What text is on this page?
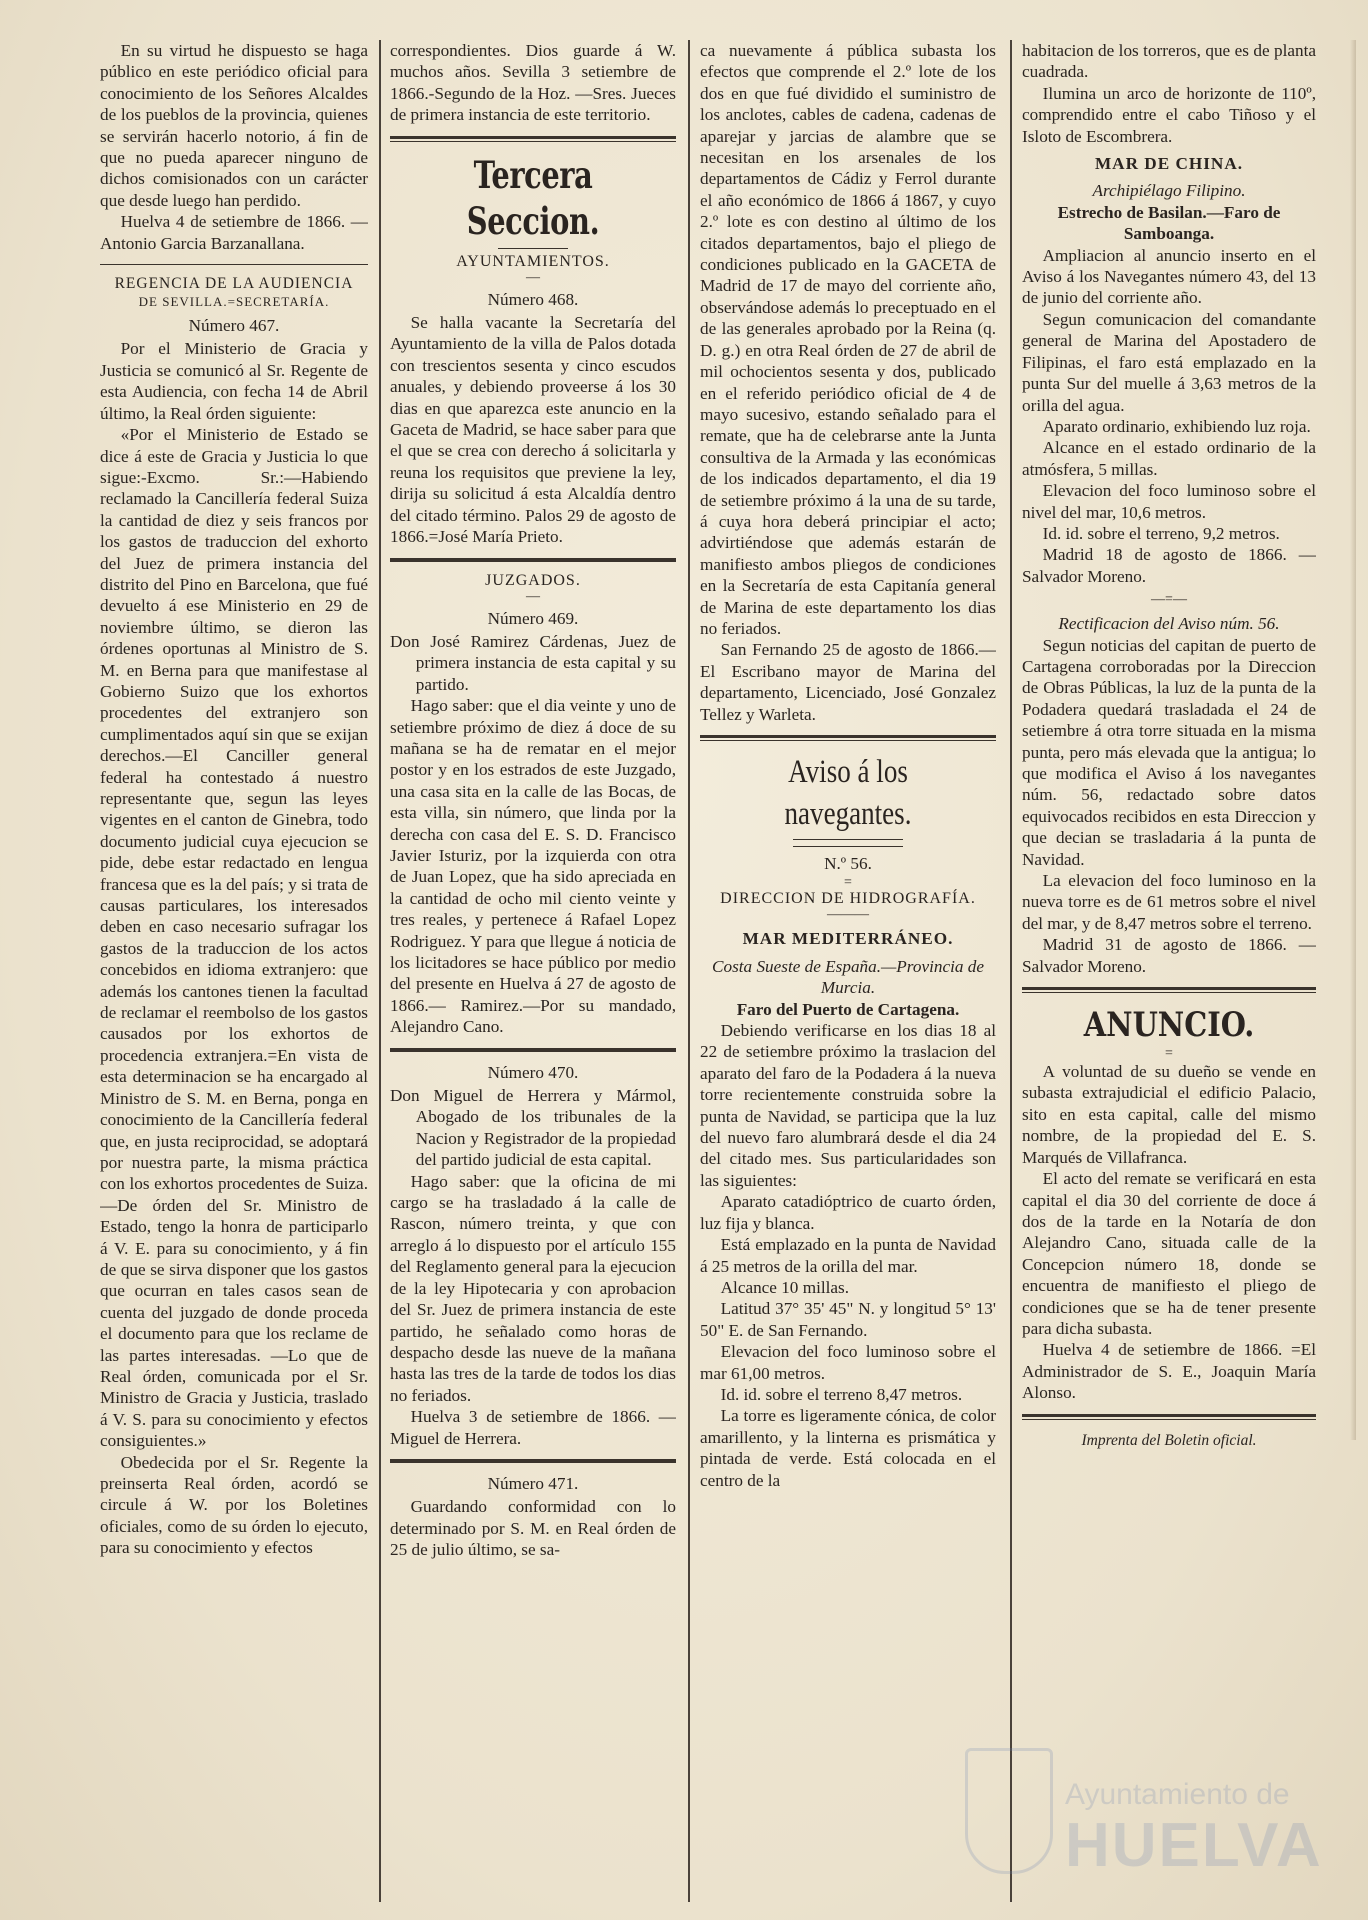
En su virtud he dispuesto se haga público en este periódico oficial para conocimiento de los Señores Alcaldes de los pueblos de la provincia, quienes se servirán hacerlo notorio, á fin de que no pueda aparecer ninguno de dichos comisionados con un carácter que desde luego han perdido.

Huelva 4 de setiembre de 1866. —Antonio Garcia Barzanallana.

REGENCIA DE LA AUDIENCIA
DE SEVILLA.=SECRETARÍA.
Número 467.

Por el Ministerio de Gracia y Justicia se comunicó al Sr. Regente de esta Audiencia, con fecha 14 de Abril último, la Real órden siguiente:

«Por el Ministerio de Estado se dice á este de Gracia y Justicia lo que sigue:-Excmo. Sr.:—Habiendo reclamado la Cancillería federal Suiza la cantidad de diez y seis francos por los gastos de traduccion del exhorto del Juez de primera instancia del distrito del Pino en Barcelona, que fué devuelto á ese Ministerio en 29 de noviembre último, se dieron las órdenes oportunas al Ministro de S. M. en Berna para que manifestase al Gobierno Suizo que los exhortos procedentes del extranjero son cumplimentados aquí sin que se exijan derechos.—El Canciller general federal ha contestado á nuestro representante que, segun las leyes vigentes en el canton de Ginebra, todo documento judicial cuya ejecucion se pide, debe estar redactado en lengua francesa que es la del país; y si trata de causas particulares, los interesados deben en caso necesario sufragar los gastos de la traduccion de los actos concebidos en idioma extranjero: que además los cantones tienen la facultad de reclamar el reembolso de los gastos causados por los exhortos de procedencia extranjera.=En vista de esta determinacion se ha encargado al Ministro de S. M. en Berna, ponga en conocimiento de la Cancillería federal que, en justa reciprocidad, se adoptará por nuestra parte, la misma práctica con los exhortos procedentes de Suiza.—De órden del Sr. Ministro de Estado, tengo la honra de participarlo á V. E. para su conocimiento, y á fin de que se sirva disponer que los gastos que ocurran en tales casos sean de cuenta del juzgado de donde proceda el documento para que los reclame de las partes interesadas. —Lo que de Real órden, comunicada por el Sr. Ministro de Gracia y Justicia, traslado á V. S. para su conocimiento y efectos consiguientes.»

Obedecida por el Sr. Regente la preinserta Real órden, acordó se circule á W. por los Boletines oficiales, como de su órden lo ejecuto, para su conocimiento y efectos

correspondientes. Dios guarde á W. muchos años. Sevilla 3 setiembre de 1866.-Segundo de la Hoz. —Sres. Jueces de primera instancia de este territorio.

Tercera Seccion.
AYUNTAMIENTOS.
—
Número 468.

Se halla vacante la Secretaría del Ayuntamiento de la villa de Palos dotada con trescientos sesenta y cinco escudos anuales, y debiendo proveerse á los 30 dias en que aparezca este anuncio en la Gaceta de Madrid, se hace saber para que el que se crea con derecho á solicitarla y reuna los requisitos que previene la ley, dirija su solicitud á esta Alcaldía dentro del citado término. Palos 29 de agosto de 1866.=José María Prieto.

JUZGADOS.
—
Número 469.

Don José Ramirez Cárdenas, Juez de primera instancia de esta capital y su partido.

Hago saber: que el dia veinte y uno de setiembre próximo de diez á doce de su mañana se ha de rematar en el mejor postor y en los estrados de este Juzgado, una casa sita en la calle de las Bocas, de esta villa, sin número, que linda por la derecha con casa del E. S. D. Francisco Javier Isturiz, por la izquierda con otra de Juan Lopez, que ha sido apreciada en la cantidad de ocho mil ciento veinte y tres reales, y pertenece á Rafael Lopez Rodriguez. Y para que llegue á noticia de los licitadores se hace público por medio del presente en Huelva á 27 de agosto de 1866.— Ramirez.—Por su mandado, Alejandro Cano.

Número 470.

Don Miguel de Herrera y Mármol, Abogado de los tribunales de la Nacion y Registrador de la propiedad del partido judicial de esta capital.

Hago saber: que la oficina de mi cargo se ha trasladado á la calle de Rascon, número treinta, y que con arreglo á lo dispuesto por el artículo 155 del Reglamento general para la ejecucion de la ley Hipotecaria y con aprobacion del Sr. Juez de primera instancia de este partido, he señalado como horas de despacho desde las nueve de la mañana hasta las tres de la tarde de todos los dias no feriados.

Huelva 3 de setiembre de 1866. —Miguel de Herrera.

Número 471.

Guardando conformidad con lo determinado por S. M. en Real órden de 25 de julio último, se sa-

ca nuevamente á pública subasta los efectos que comprende el 2.º lote de los dos en que fué dividido el suministro de los anclotes, cables de cadena, cadenas de aparejar y jarcias de alambre que se necesitan en los arsenales de los departamentos de Cádiz y Ferrol durante el año económico de 1866 á 1867, y cuyo 2.º lote es con destino al último de los citados departamentos, bajo el pliego de condiciones publicado en la GACETA de Madrid de 17 de mayo del corriente año, observándose además lo preceptuado en el de las generales aprobado por la Reina (q. D. g.) en otra Real órden de 27 de abril de mil ochocientos sesenta y dos, publicado en el referido periódico oficial de 4 de mayo sucesivo, estando señalado para el remate, que ha de celebrarse ante la Junta consultiva de la Armada y las económicas de los indicados departamento, el dia 19 de setiembre próximo á la una de su tarde, á cuya hora deberá principiar el acto; advirtiéndose que además estarán de manifiesto ambos pliegos de condiciones en la Secretaría de esta Capitanía general de Marina de este departamento los dias no feriados.

San Fernando 25 de agosto de 1866.—El Escribano mayor de Marina del departamento, Licenciado, José Gonzalez Tellez y Warleta.

Aviso á los navegantes.
N.º 56.
=
DIRECCION DE HIDROGRAFÍA.
———
MAR MEDITERRÁNEO.

Costa Sueste de España.—Provincia de Murcia.

Faro del Puerto de Cartagena.

Debiendo verificarse en los dias 18 al 22 de setiembre próximo la traslacion del aparato del faro de la Podadera á la nueva torre recientemente construida sobre la punta de Navidad, se participa que la luz del nuevo faro alumbrará desde el dia 24 del citado mes. Sus particularidades son las siguientes:

Aparato catadióptrico de cuarto órden, luz fija y blanca.

Está emplazado en la punta de Navidad á 25 metros de la orilla del mar.

Alcance 10 millas.

Latitud 37° 35' 45" N. y longitud 5° 13' 50" E. de San Fernando.

Elevacion del foco luminoso sobre el mar 61,00 metros.

Id. id. sobre el terreno 8,47 metros.

La torre es ligeramente cónica, de color amarillento, y la linterna es prismática y pintada de verde. Está colocada en el centro de la

habitacion de los torreros, que es de planta cuadrada.

Ilumina un arco de horizonte de 110º, comprendido entre el cabo Tiñoso y el Isloto de Escombrera.

MAR DE CHINA.

Archipiélago Filipino.

Estrecho de Basilan.—Faro de Samboanga.

Ampliacion al anuncio inserto en el Aviso á los Navegantes número 43, del 13 de junio del corriente año.

Segun comunicacion del comandante general de Marina del Apostadero de Filipinas, el faro está emplazado en la punta Sur del muelle á 3,63 metros de la orilla del agua.

Aparato ordinario, exhibiendo luz roja.

Alcance en el estado ordinario de la atmósfera, 5 millas.

Elevacion del foco luminoso sobre el nivel del mar, 10,6 metros.

Id. id. sobre el terreno, 9,2 metros.

Madrid 18 de agosto de 1866. —Salvador Moreno.

—=—

Rectificacion del Aviso núm. 56.

Segun noticias del capitan de puerto de Cartagena corroboradas por la Direccion de Obras Públicas, la luz de la punta de la Podadera quedará trasladada el 24 de setiembre á otra torre situada en la misma punta, pero más elevada que la antigua; lo que modifica el Aviso á los navegantes núm. 56, redactado sobre datos equivocados recibidos en esta Direccion y que decian se trasladaria á la punta de Navidad.

La elevacion del foco luminoso en la nueva torre es de 61 metros sobre el nivel del mar, y de 8,47 metros sobre el terreno.

Madrid 31 de agosto de 1866. —Salvador Moreno.

ANUNCIO.
=

A voluntad de su dueño se vende en subasta extrajudicial el edificio Palacio, sito en esta capital, calle del mismo nombre, de la propiedad del E. S. Marqués de Villafranca.

El acto del remate se verificará en esta capital el dia 30 del corriente de doce á dos de la tarde en la Notaría de don Alejandro Cano, situada calle de la Concepcion número 18, donde se encuentra de manifiesto el pliego de condiciones que se ha de tener presente para dicha subasta.

Huelva 4 de setiembre de 1866. =El Administrador de S. E., Joaquin María Alonso.

Imprenta del Boletin oficial.

Ayuntamiento de
HUELVA
